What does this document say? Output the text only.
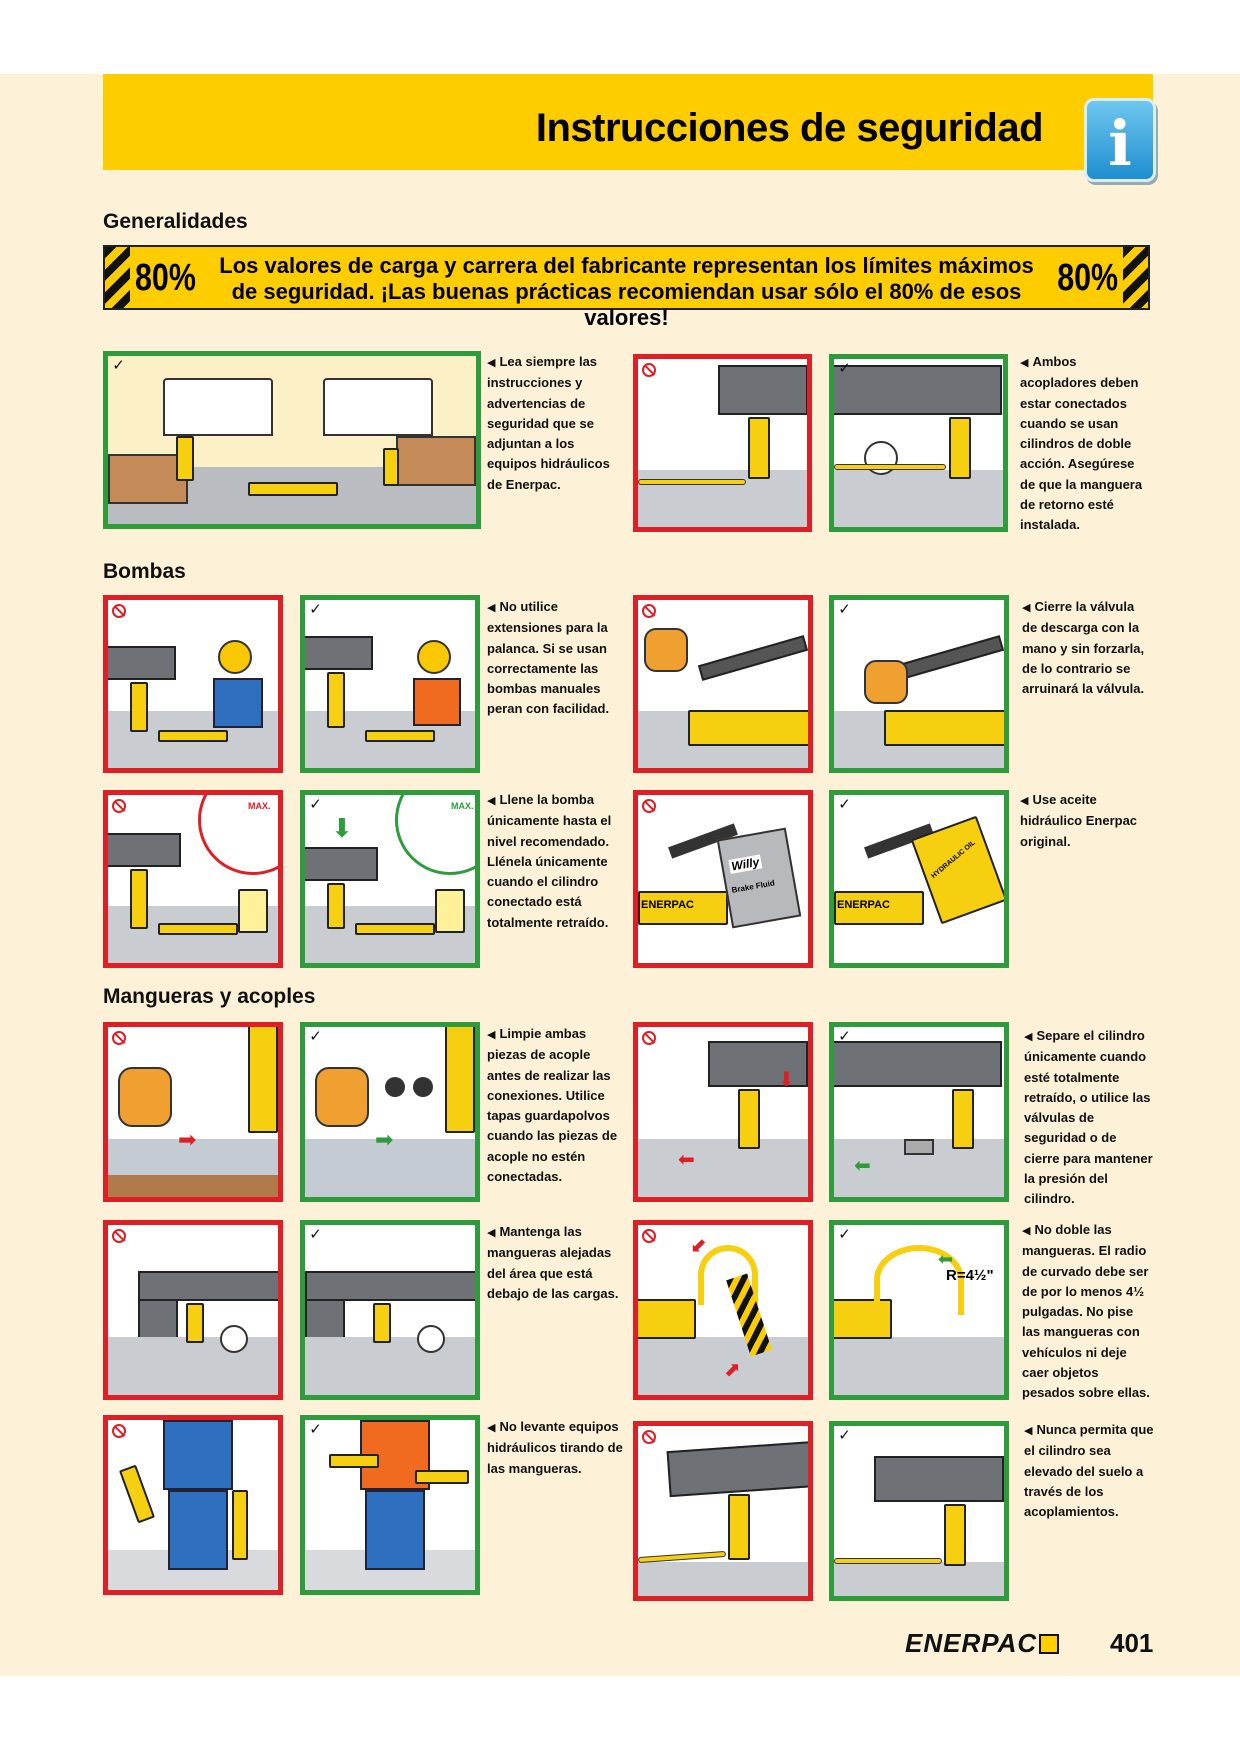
Instrucciones de seguridad	i
Generalidades
80%	80%
Los valores de carga y carrera del fabricante representan los límites máximos
de seguridad. ¡Las buenas prácticas recomiendan usar sólo el 80% de esos valores!
✓	◀ Lea siempre las instrucciones y advertencias de seguridad que se adjuntan a los equipos hidráulicos de Enerpac.
✓	◀ Ambos acopladores deben estar conectados cuando se usan cilindros de doble acción. Asegúrese de que la manguera de retorno esté instalada.
Bombas
✓	◀ No utilice extensiones para la palanca. Si se usan correctamente las bombas manuales peran con facilidad.
✓	◀ Cierre la válvula de descarga con la mano y sin forzarla, de lo contrario se arruinará la válvula.
MAX.	✓	MAX.
⬇
◀ Llene la bomba únicamente hasta el nivel recomendado. Llénela únicamente cuando el cilindro conectado está totalmente retraído.
ENERPAC
Willy
Brake Fluid
✓
ENERPAC
HYDRAULIC OIL
◀ Use aceite hidráulico Enerpac original.
Mangueras y acoples
➡
✓
➡
◀ Limpie ambas piezas de acople antes de realizar las conexiones. Utilice tapas guardapolvos cuando las piezas de acople no estén conectadas.
⬇
⬅
✓
⬅
◀ Separe el cilindro únicamente cuando esté totalmente retraído, o utilice las válvulas de seguridad o de cierre para mantener la presión del cilindro.
✓	◀ Mantenga las mangueras alejadas del área que está debajo de las cargas.
⬋
⬈
✓
⬅
R=4½"
◀ No doble las mangueras. El radio de curvado debe ser de por lo menos 4½ pulgadas. No pise las mangueras con vehículos ni deje caer objetos pesados sobre ellas.
✓	◀ No levante equipos hidráulicos tirando de las mangueras.
✓	◀ Nunca permita que el cilindro sea elevado del suelo a través de los acoplamientos.
ENERPAC	401
